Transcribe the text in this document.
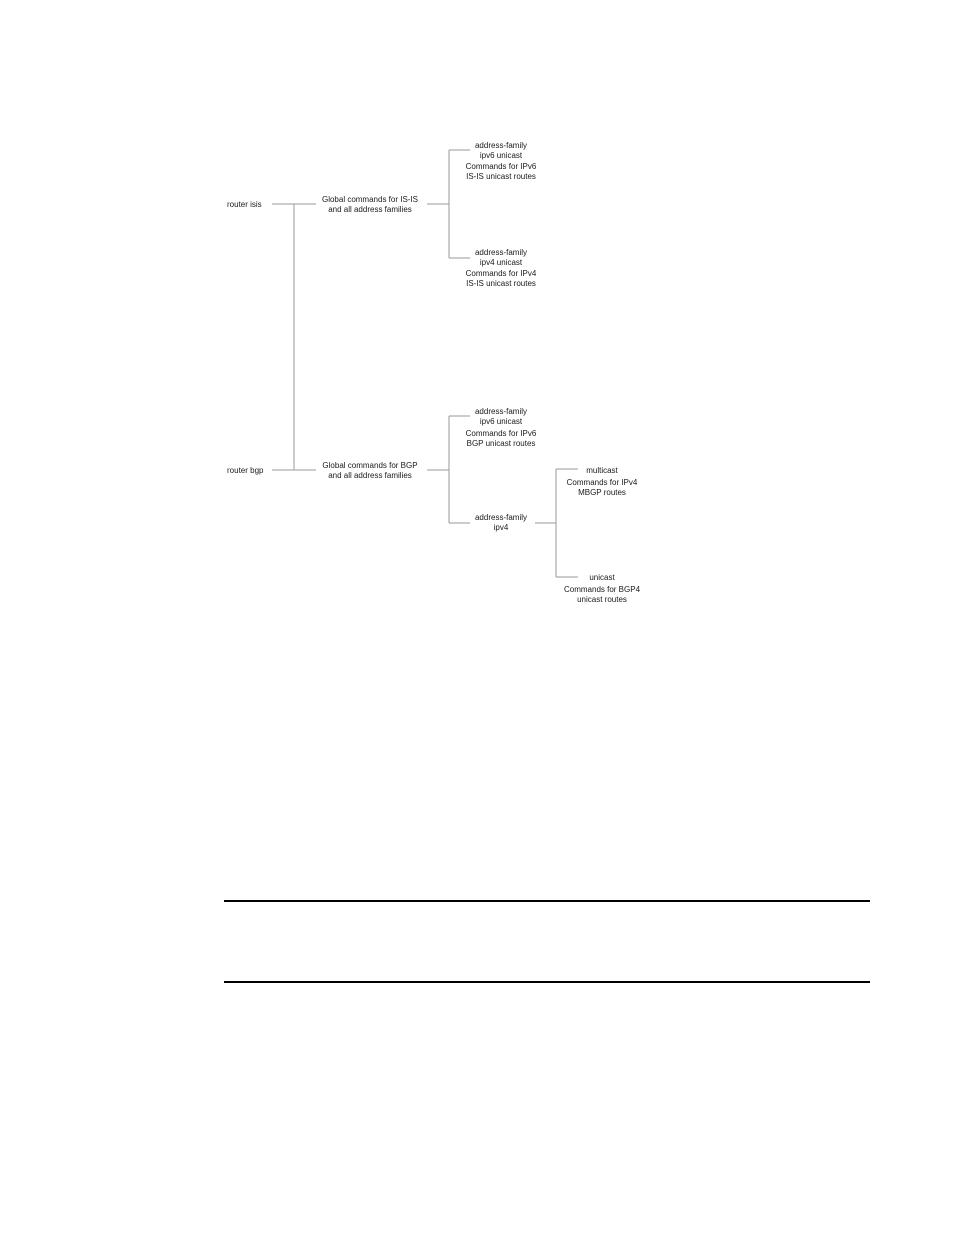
router isis
Global commands for IS-IS
and all address families
address-family
ipv6 unicast
Commands for IPv6
IS-IS unicast routes
address-family
ipv4 unicast
Commands for IPv4
IS-IS unicast routes
router bgp
Global commands for BGP
and all address families
address-family
ipv6 unicast
Commands for IPv6
BGP unicast routes
address-family
ipv4
multicast
Commands for IPv4
MBGP routes
unicast
Commands for BGP4
unicast routes
